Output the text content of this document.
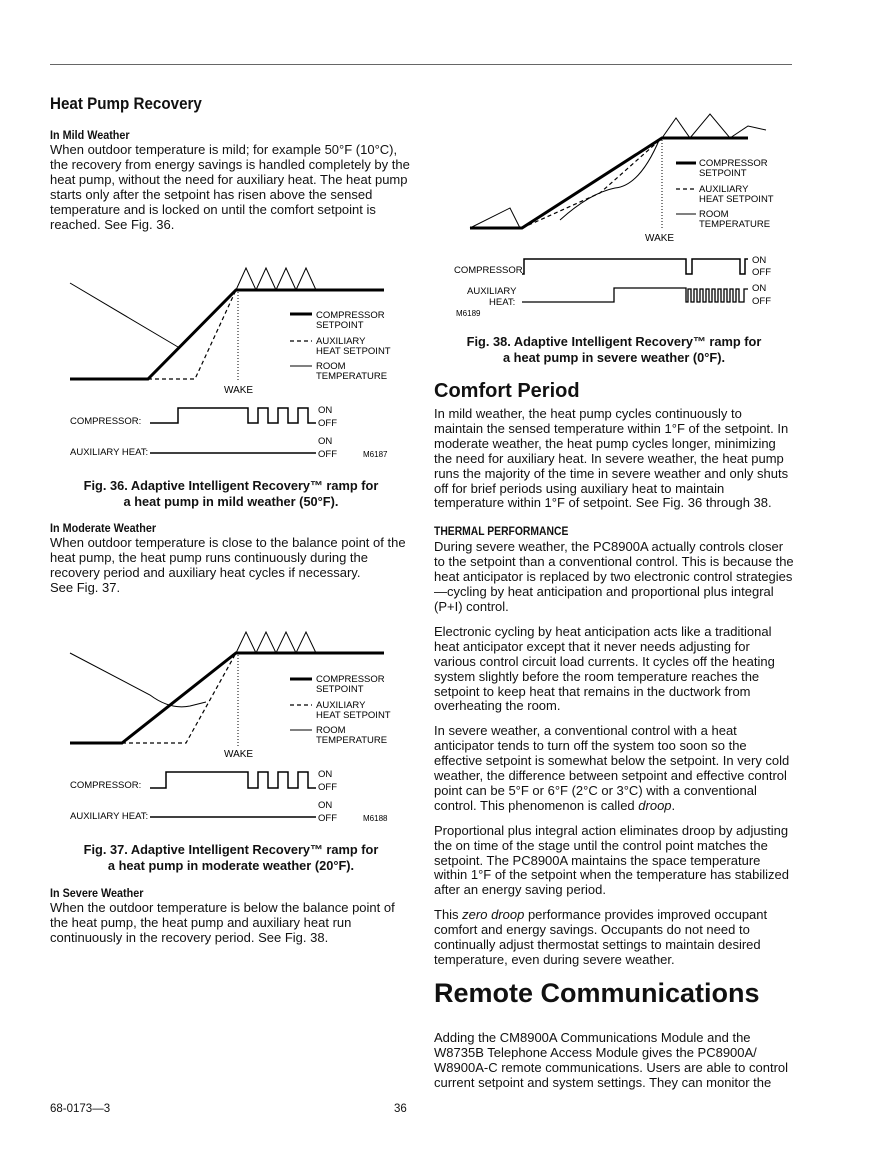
Heat Pump Recovery
In Mild Weather

When outdoor temperature is mild; for example 50°F (10°C), the recovery from energy savings is handled completely by the heat pump, without the need for auxiliary heat. The heat pump starts only after the setpoint has risen above the sensed temperature and is locked on until the comfort setpoint is reached. See Fig. 36.

COMPRESSOR
SETPOINT
AUXILIARY
HEAT SETPOINT
ROOM
TEMPERATURE
WAKE
COMPRESSOR:
ON
OFF
AUXILIARY HEAT:
ON
OFF	M6187

Fig. 36. Adaptive Intelligent Recovery™ ramp for

a heat pump in mild weather (50°F).

In Moderate Weather

When outdoor temperature is close to the balance point of the heat pump, the heat pump runs continuously during the recovery period and auxiliary heat cycles if necessary.

See Fig. 37.

COMPRESSOR
SETPOINT
AUXILIARY
HEAT SETPOINT
ROOM
TEMPERATURE
WAKE
COMPRESSOR:
ON
OFF
AUXILIARY HEAT:
ON
OFF	M6188

Fig. 37. Adaptive Intelligent Recovery™ ramp for

a heat pump in moderate weather (20°F).

In Severe Weather

When the outdoor temperature is below the balance point of the heat pump, the heat pump and auxiliary heat run continuously in the recovery period. See Fig. 38.

COMPRESSOR
SETPOINT
AUXILIARY
HEAT SETPOINT
ROOM
TEMPERATURE
WAKE
COMPRESSOR:
ON
OFF
AUXILIARY
HEAT:
ON
OFF
M6189

Fig. 38. Adaptive Intelligent Recovery™ ramp for

a heat pump in severe weather (0°F).

Comfort Period

In mild weather, the heat pump cycles continuously to maintain the sensed temperature within 1°F of the setpoint. In moderate weather, the heat pump cycles longer, minimizing the need for auxiliary heat. In severe weather, the heat pump runs the majority of the time in severe weather and only shuts off for brief periods using auxiliary heat to maintain temperature within 1°F of setpoint. See Fig. 36 through 38.

THERMAL PERFORMANCE

During severe weather, the PC8900A actually controls closer to the setpoint than a conventional control. This is because the heat anticipator is replaced by two electronic control strategies—cycling by heat anticipation and proportional plus integral (P+I) control.

Electronic cycling by heat anticipation acts like a traditional heat anticipator except that it never needs adjusting for various control circuit load currents. It cycles off the heating system slightly before the room temperature reaches the setpoint to keep heat that remains in the ductwork from overheating the room.

In severe weather, a conventional control with a heat anticipator tends to turn off the system too soon so the effective setpoint is somewhat below the setpoint. In very cold weather, the difference between setpoint and effective control point can be 5°F or 6°F (2°C or 3°C) with a conventional control. This phenomenon is called droop.

Proportional plus integral action eliminates droop by adjusting the on time of the stage until the control point matches the setpoint. The PC8900A maintains the space temperature within 1°F of the setpoint when the temperature has stabilized after an energy saving period.

This zero droop performance provides improved occupant comfort and energy savings. Occupants do not need to continually adjust thermostat settings to maintain desired temperature, even during severe weather.

Remote Communications

Adding the CM8900A Communications Module and the W8735B Telephone Access Module gives the PC8900A/ W8900A-C remote communications. Users are able to control current setpoint and system settings. They can monitor the

68-0173—3	36
